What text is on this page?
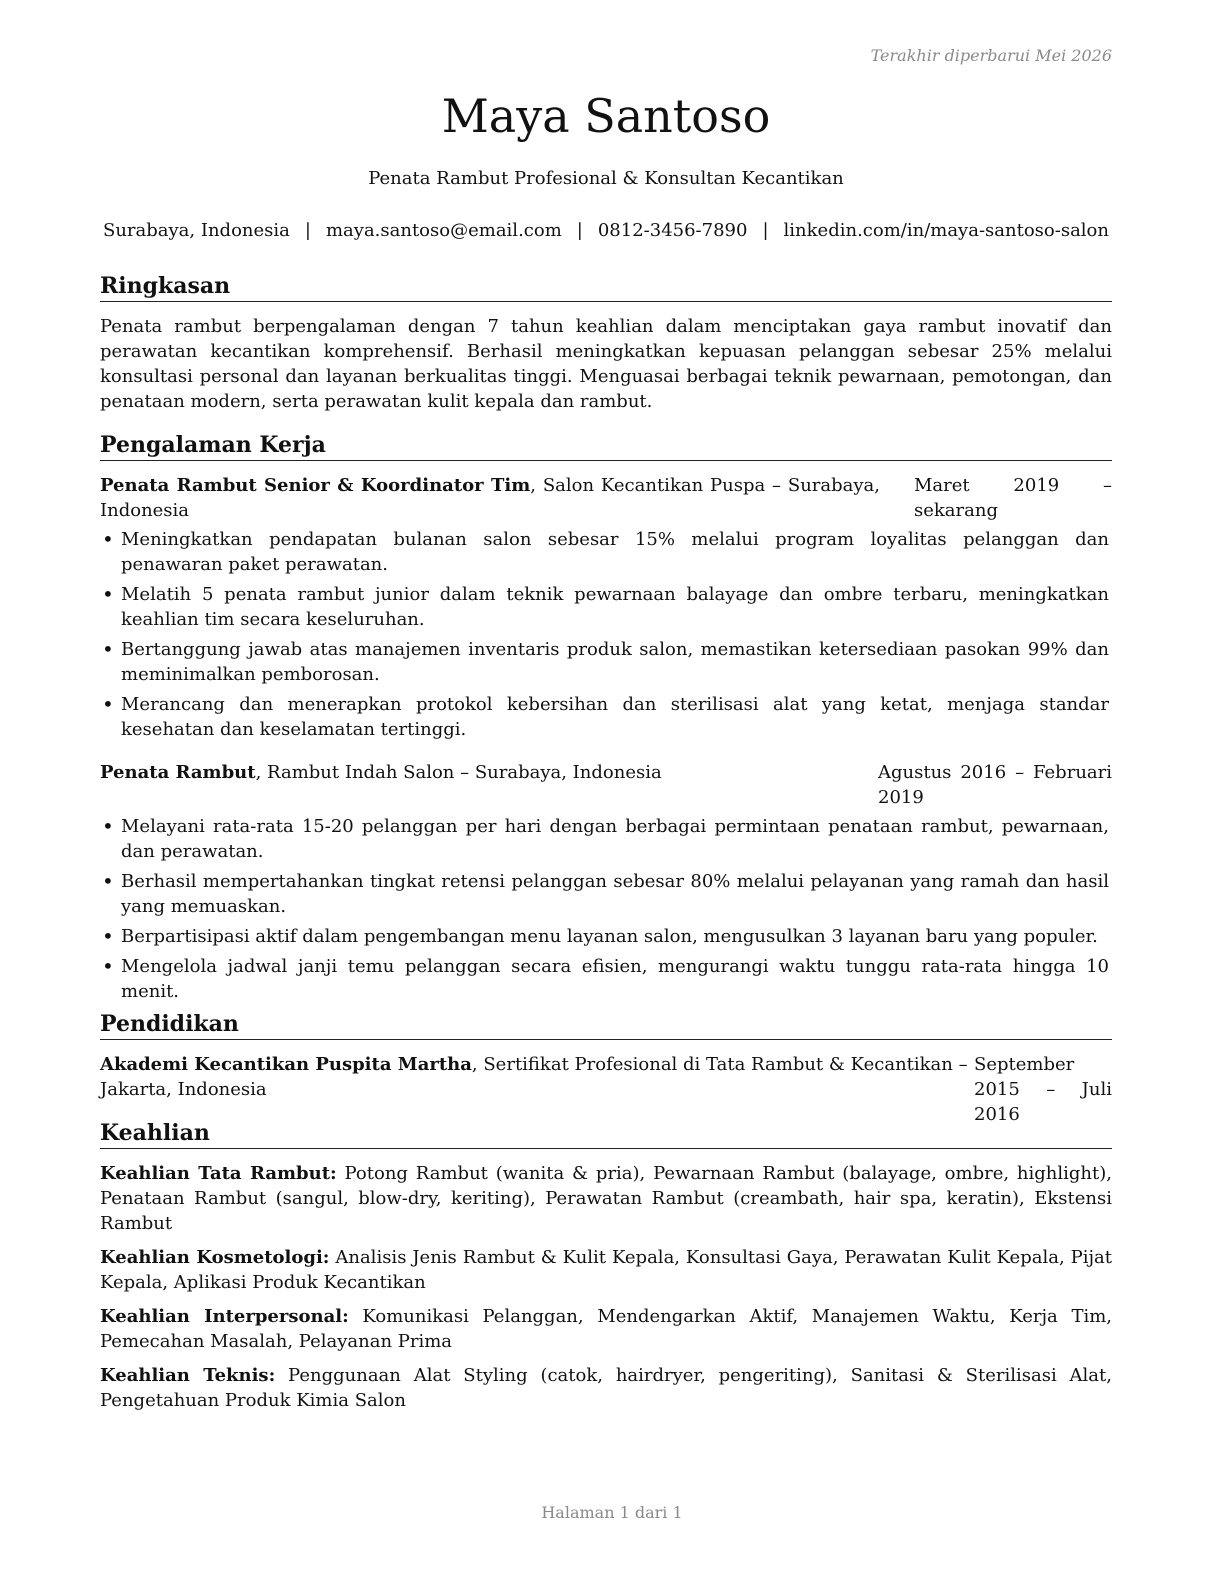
Terakhir diperbarui Mei 2026
Maya Santoso
Penata Rambut Profesional & Konsultan Kecantikan
Surabaya, Indonesia | maya.santoso@email.com | 0812-3456-7890 | linkedin.com/in/maya-santoso-salon
Ringkasan
Penata rambut berpengalaman dengan 7 tahun keahlian dalam menciptakan gaya rambut inovatif dan perawatan kecantikan komprehensif. Berhasil meningkatkan kepuasan pelanggan sebesar 25% melalui konsultasi personal dan layanan berkualitas tinggi. Menguasai berbagai teknik pewarnaan, pemotongan, dan penataan modern, serta perawatan kulit kepala dan rambut.
Pengalaman Kerja
Penata Rambut Senior & Koordinator Tim, Salon Kecantikan Puspa – Surabaya, Indonesia
Maret 2019 – sekarang
• Meningkatkan pendapatan bulanan salon sebesar 15% melalui program loyalitas pelanggan dan penawaran paket perawatan.
• Melatih 5 penata rambut junior dalam teknik pewarnaan balayage dan ombre terbaru, meningkatkan keahlian tim secara keseluruhan.
• Bertanggung jawab atas manajemen inventaris produk salon, memastikan ketersediaan pasokan 99% dan meminimalkan pemborosan.
• Merancang dan menerapkan protokol kebersihan dan sterilisasi alat yang ketat, menjaga standar kesehatan dan keselamatan tertinggi.
Penata Rambut, Rambut Indah Salon – Surabaya, Indonesia	Agustus 2016 – Februari 2019
• Melayani rata-rata 15-20 pelanggan per hari dengan berbagai permintaan penataan rambut, pewarnaan, dan perawatan.
• Berhasil mempertahankan tingkat retensi pelanggan sebesar 80% melalui pelayanan yang ramah dan hasil yang memuaskan.
• Berpartisipasi aktif dalam pengembangan menu layanan salon, mengusulkan 3 layanan baru yang populer.
• Mengelola jadwal janji temu pelanggan secara efisien, mengurangi waktu tunggu rata-rata hingga 10 menit.
Pendidikan
Akademi Kecantikan Puspita Martha, Sertifikat Profesional di Tata Rambut & Kecantikan – Jakarta, Indonesia
September 2015 – Juli 2016
Keahlian
Keahlian Tata Rambut: Potong Rambut (wanita & pria), Pewarnaan Rambut (balayage, ombre, highlight), Penataan Rambut (sangul, blow-dry, keriting), Perawatan Rambut (creambath, hair spa, keratin), Ekstensi Rambut
Keahlian Kosmetologi: Analisis Jenis Rambut & Kulit Kepala, Konsultasi Gaya, Perawatan Kulit Kepala, Pijat Kepala, Aplikasi Produk Kecantikan
Keahlian Interpersonal: Komunikasi Pelanggan, Mendengarkan Aktif, Manajemen Waktu, Kerja Tim, Pemecahan Masalah, Pelayanan Prima
Keahlian Teknis: Penggunaan Alat Styling (catok, hairdryer, pengeriting), Sanitasi & Sterilisasi Alat, Pengetahuan Produk Kimia Salon
Halaman 1 dari 1
